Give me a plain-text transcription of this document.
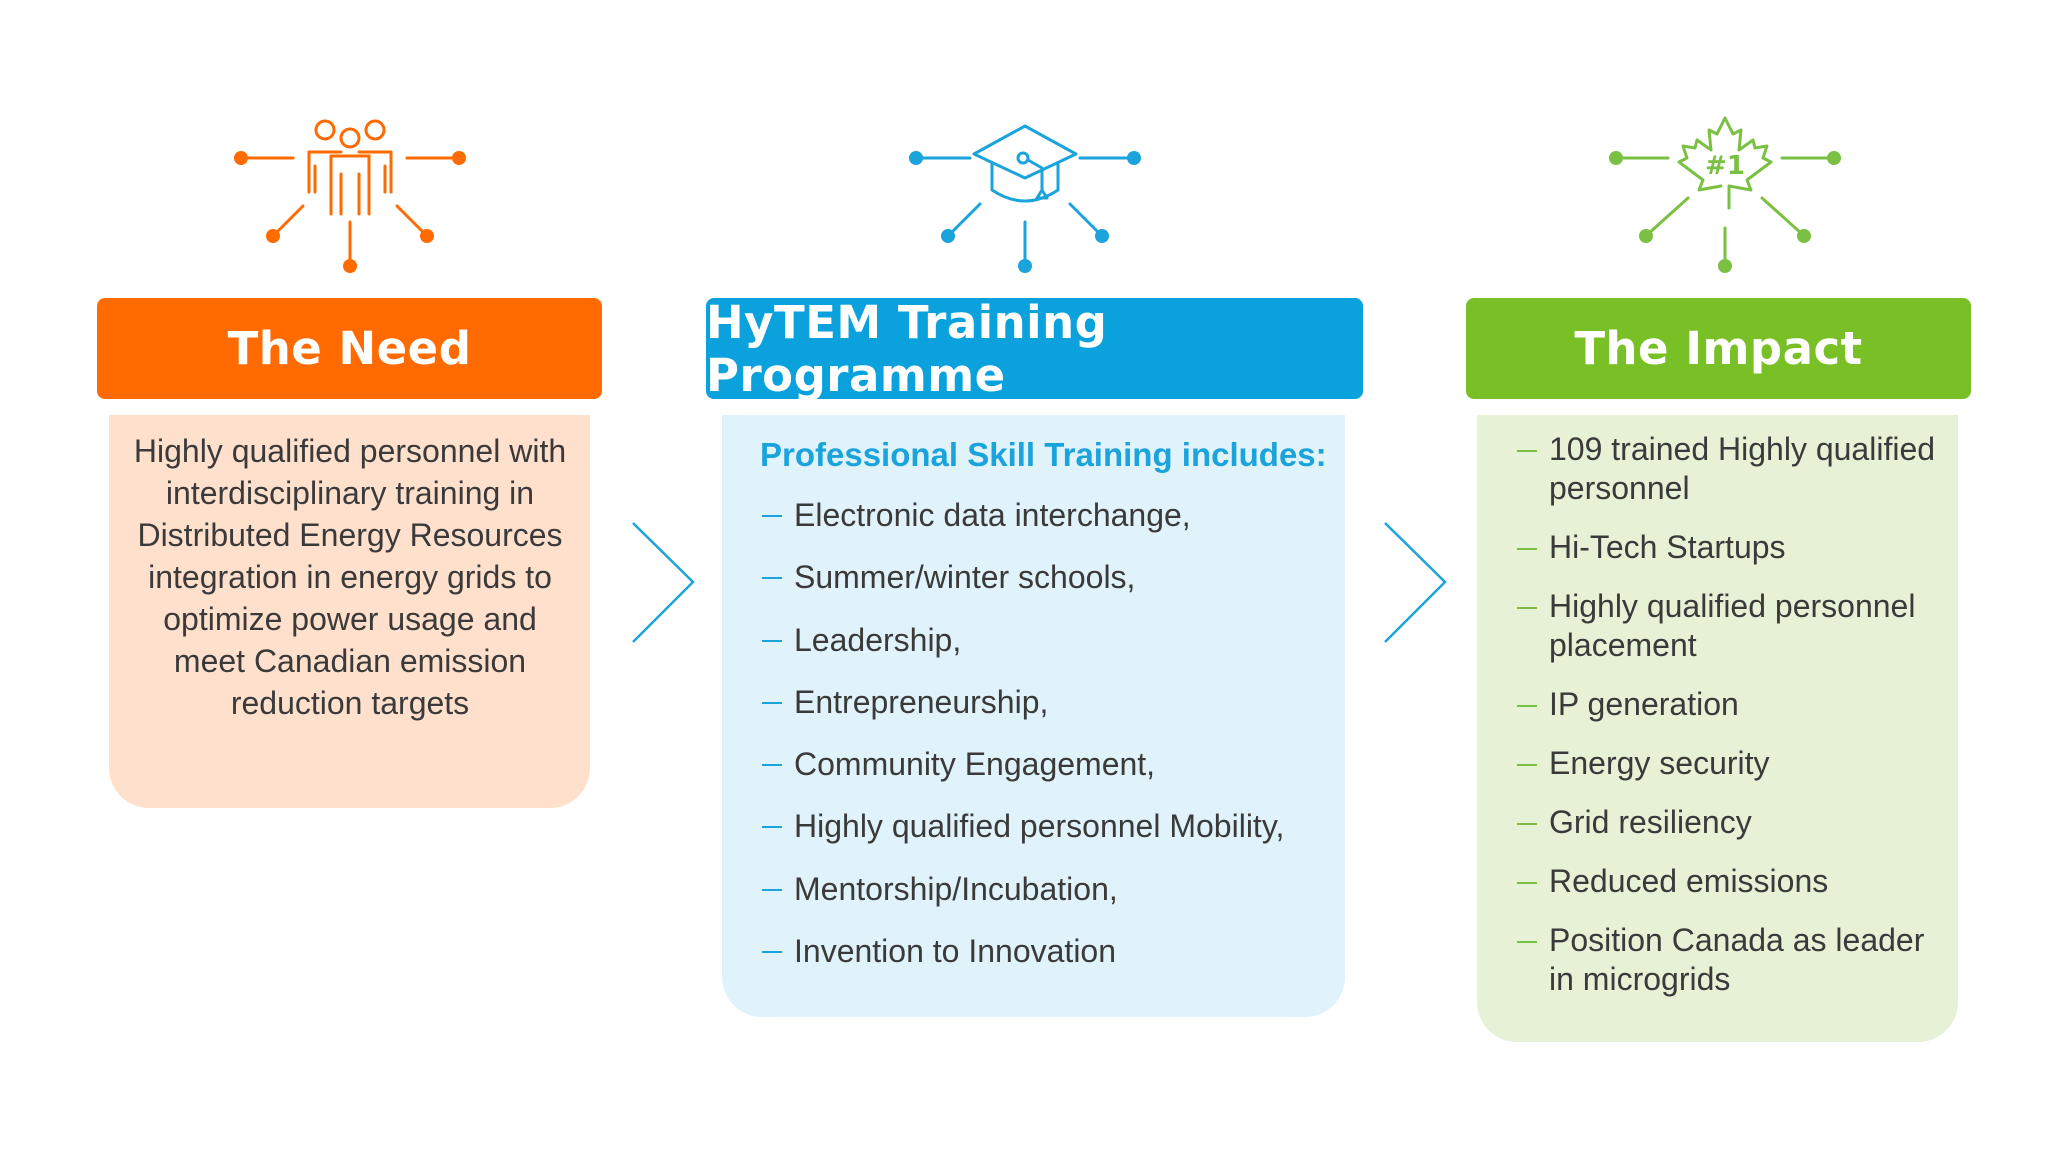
#1
The Need
Highly qualified personnel with interdisciplinary training in Distributed Energy Resources integration in energy grids to optimize power usage and meet Canadian emission reduction targets
HyTEM Training Programme
Professional Skill Training includes:
Electronic data interchange,
Summer/winter schools,
Leadership,
Entrepreneurship,
Community Engagement,
Highly qualified personnel Mobility,
Mentorship/Incubation,
Invention to Innovation
The Impact
109 trained Highly qualified personnel
Hi-Tech Startups
Highly qualified personnel placement
IP generation
Energy security
Grid resiliency
Reduced emissions
Position Canada as leader in microgrids
